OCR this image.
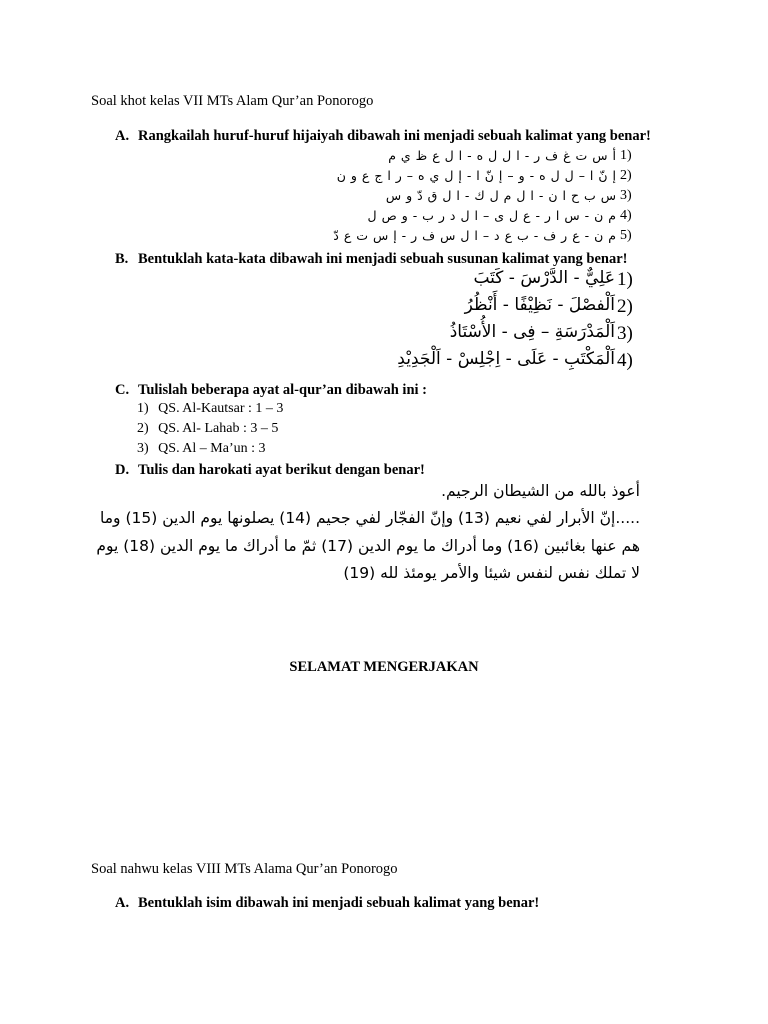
Soal khot kelas VII MTs Alam Qur’an Ponorogo
A. Rangkailah huruf-huruf hijaiyah dibawah ini menjadi sebuah kalimat yang benar!
1)
أ س ت غ ف ر - ا ل ل ه - ا ل ع ظ ي م
2)
إ نّ ا – ل ل ه - و – إ نّ ا - إ ل ي ه – ر ا ج ع و ن
3)
س ب ح ا ن - ا ل م ل ك - ا ل ق دّ و س
4)
م ن - س ا ر - ع ل ى – ا ل د ر ب - و ص ل
5)
م ن - ع ر ف - ب ع د – ا ل س ف ر - إ س ت ع دّ
B. Bentuklah kata-kata dibawah ini menjadi sebuah susunan kalimat yang benar!
1)
عَلِيٌّ - الدَّرْسَ - كَتَبَ
2)
اَلْفصْلَ - نَظِيْفًا - أَنْظُرُ
3)
اَلْمَدْرَسَةِ – فِى - الأُسْتَاذُ
4)
اَلْمَكْتَبِ - عَلَى - اِجْلِسْ - اَلْجَدِيْدِ
C. Tulislah beberapa ayat al-qur’an dibawah ini :
1) QS. Al-Kautsar : 1 – 3
2) QS. Al- Lahab : 3 – 5
3) QS. Al – Ma’un : 3
D. Tulis dan harokati ayat berikut dengan benar!
أعوذ بالله من الشيطان الرجيم.
.....إنّ الأبرار لفي نعيم (13) وإنّ الفجّار لفي جحيم (14) يصلونها يوم الدين (15) وما
هم عنها بغائبين (16) وما أدراك ما يوم الدين (17) ثمّ ما أدراك ما يوم الدين (18) يوم
لا تملك نفس لنفس شيئا والأمر يومئذ لله (19)
SELAMAT MENGERJAKAN
Soal nahwu kelas VIII MTs Alama Qur’an Ponorogo
A. Bentuklah isim dibawah ini menjadi sebuah kalimat yang benar!
